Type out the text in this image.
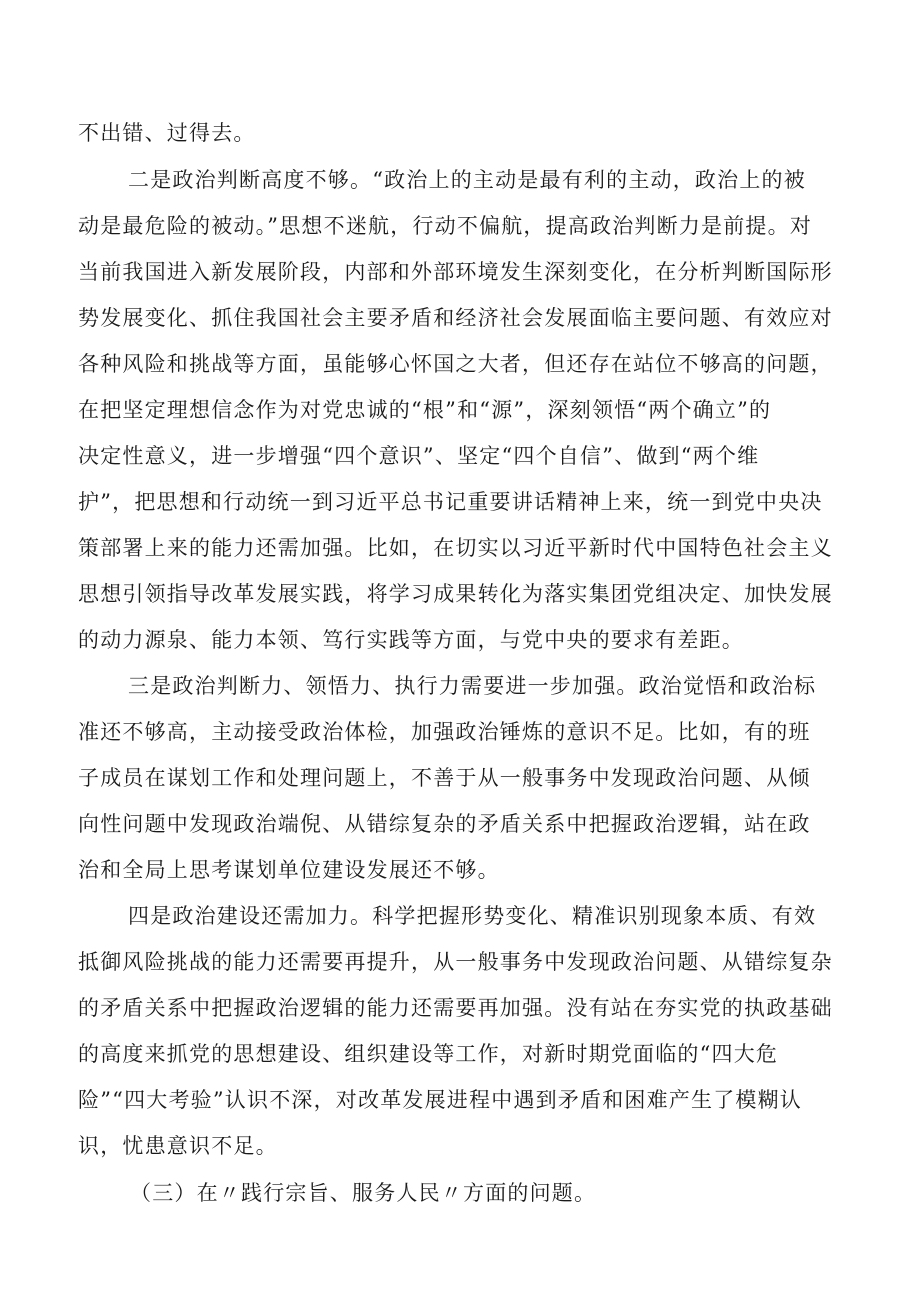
不出错、过得去。
二是政治判断高度不够。“政治上的主动是最有利的主动，政治上的被
动是最危险的被动。”思想不迷航，行动不偏航，提高政治判断力是前提。对
当前我国进入新发展阶段，内部和外部环境发生深刻变化，在分析判断国际形
势发展变化、抓住我国社会主要矛盾和经济社会发展面临主要问题、有效应对
各种风险和挑战等方面，虽能够心怀国之大者，但还存在站位不够高的问题，
在把坚定理想信念作为对党忠诚的“根”和“源”，深刻领悟“两个确立”的
决定性意义，进一步增强“四个意识”、坚定“四个自信”、做到“两个维
护”，把思想和行动统一到习近平总书记重要讲话精神上来，统一到党中央决
策部署上来的能力还需加强。比如，在切实以习近平新时代中国特色社会主义
思想引领指导改革发展实践，将学习成果转化为落实集团党组决定、加快发展
的动力源泉、能力本领、笃行实践等方面，与党中央的要求有差距。
三是政治判断力、领悟力、执行力需要进一步加强。政治觉悟和政治标
准还不够高，主动接受政治体检，加强政治锤炼的意识不足。比如，有的班
子成员在谋划工作和处理问题上，不善于从一般事务中发现政治问题、从倾
向性问题中发现政治端倪、从错综复杂的矛盾关系中把握政治逻辑，站在政
治和全局上思考谋划单位建设发展还不够。
四是政治建设还需加力。科学把握形势变化、精准识别现象本质、有效
抵御风险挑战的能力还需要再提升，从一般事务中发现政治问题、从错综复杂
的矛盾关系中把握政治逻辑的能力还需要再加强。没有站在夯实党的执政基础
的高度来抓党的思想建设、组织建设等工作，对新时期党面临的“四大危
险”“四大考验”认识不深，对改革发展进程中遇到矛盾和困难产生了模糊认
识，忧患意识不足。
（三）在〃践行宗旨、服务人民〃方面的问题。
